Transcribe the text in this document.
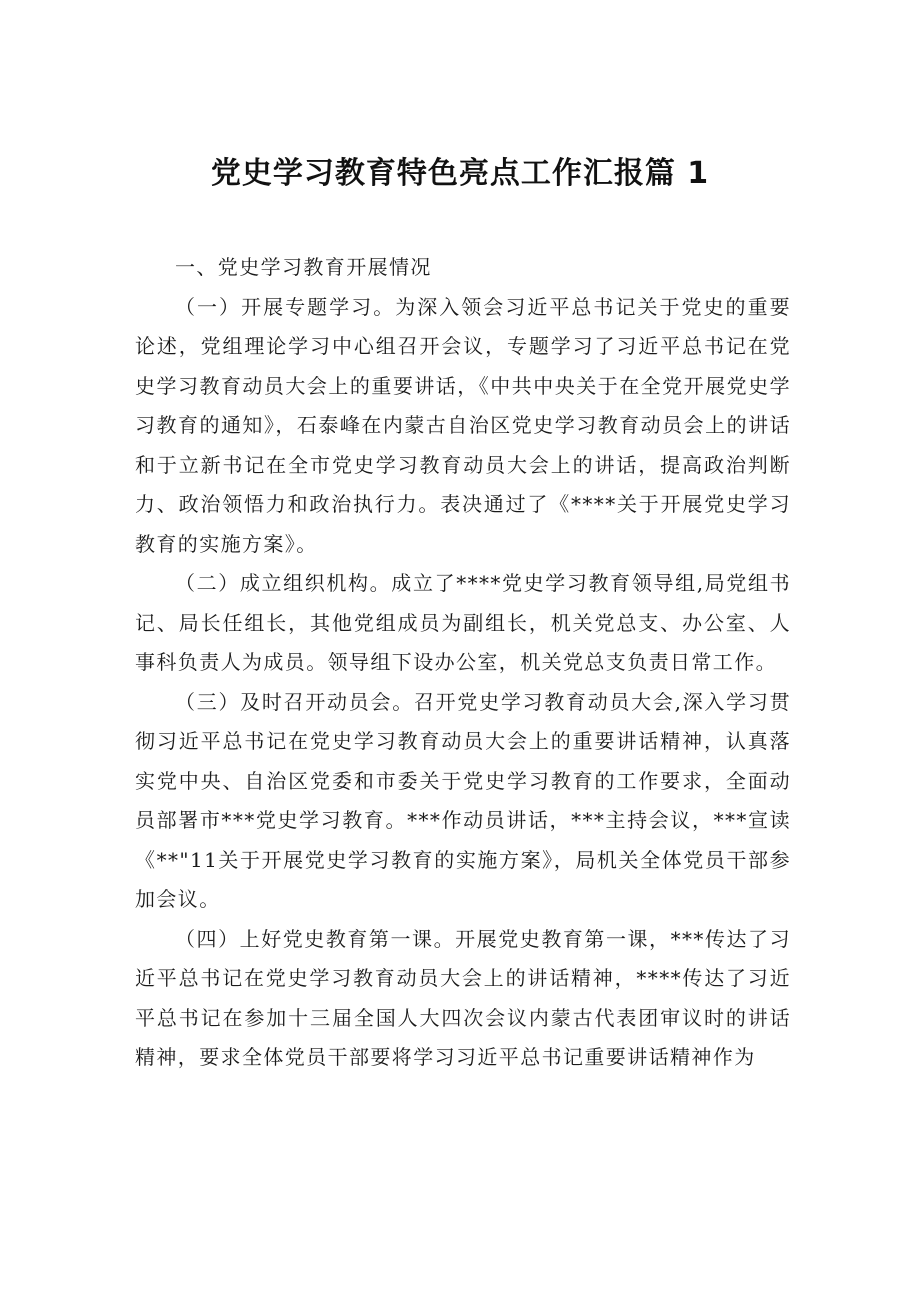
党史学习教育特色亮点工作汇报篇 1

一、党史学习教育开展情况

（一）开展专题学习。为深入领会习近平总书记关于党史的重要论述，党组理论学习中心组召开会议，专题学习了习近平总书记在党史学习教育动员大会上的重要讲话，《中共中央关于在全党开展党史学习教育的通知》，石泰峰在内蒙古自治区党史学习教育动员会上的讲话和于立新书记在全市党史学习教育动员大会上的讲话，提高政治判断力、政治领悟力和政治执行力。表决通过了《****关于开展党史学习教育的实施方案》。

（二）成立组织机构。成立了****党史学习教育领导组,局党组书记、局长任组长，其他党组成员为副组长，机关党总支、办公室、人事科负责人为成员。领导组下设办公室，机关党总支负责日常工作。

（三）及时召开动员会。召开党史学习教育动员大会,深入学习贯彻习近平总书记在党史学习教育动员大会上的重要讲话精神，认真落实党中央、自治区党委和市委关于党史学习教育的工作要求，全面动员部署市***党史学习教育。***作动员讲话，***主持会议，***宣读《**"11关于开展党史学习教育的实施方案》，局机关全体党员干部参加会议。

（四）上好党史教育第一课。开展党史教育第一课，***传达了习近平总书记在党史学习教育动员大会上的讲话精神，****传达了习近平总书记在参加十三届全国人大四次会议内蒙古代表团审议时的讲话精神，要求全体党员干部要将学习习近平总书记重要讲话精神作为
